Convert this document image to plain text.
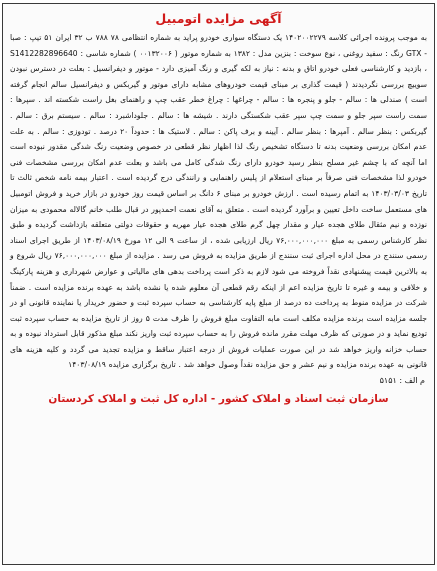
آگهی مزایده اتومبیل

به موجب پرونده اجرائی کلاسه ۱۴۰۲۰۰۲۲۷۹ یک دستگاه سواری خودرو پراید به شماره انتظامی ۷۸ ۷۸۸ ب ۳۲ ایران ۵۱ تیپ : صبا - GTX رنگ : سفید روغنی ، نوع سوخت : بنزین مدل : ۱۳۸۲ به شماره موتور ( ۰۰۱۳۲۰۰۶ ) شماره شاسی : S1412282896640 ، بازدید و کارشناسی فعلی خودرو اتاق و بدنه : نیاز به لکه گیری و رنگ آمیزی دارد - موتور و دیفرانسیل : بعلت در دسترس نبودن سوییچ بررسی نگردیدند ( قیمت گذاری بر مبنای قیمت خودروهای مشابه دارای موتور و گیربکس و دیفرانسیل سالم انجام گرفته است ) صندلی ها : سالم - جلو و پنجره ها : سالم - چراغها : چراغ خطر عقب چپ و راهنمای بغل راست شکسته اند . سپرها : سمت راست سپر جلو و سمت چپ سپر عقب شکستگی دارند . شیشه ها : سالم . جلوداشبرد : سالم . سیستم برق : سالم . گیربکس : بنظر سالم . آمپرها : بنظر سالم . آیینه و برف پاکن : سالم . لاستیک ها : حدوداً ۲۰ درصد . تودوزی : سالم . به علت عدم امکان بررسی وضعیت بدنه تا دستگاه تشخیص رنگ لذا اظهار نظر قطعی در خصوص وضعیت رنگ شدگی مقدور نبوده است اما آنچه که با چشم غیر مسلح بنظر رسید خودرو دارای رنگ شدگی کامل می باشد و بعلت عدم امکان بررسی مشخصات فنی خودرو لذا مشخصات فنی صرفاً بر مبنای استعلام از پلیس راهنمایی و رانندگی درج گردیده است . اعتبار بیمه نامه شخص ثالث تا تاریخ ۱۴۰۳/۰۳/۰۳ به اتمام رسیده است . ارزش خودرو بر مبنای ۶ دانگ بر اساس قیمت روز خودرو در بازار خرید و فروش اتومبیل های مستعمل ساخت داخل تعیین و برآورد گردیده است . متعلق به آقای نعمت احمدپور در قبال طلب خانم گالاله محمودی به میزان نوزده و نیم مثقال طلای هجده عیار و مقدار چهل گرم طلای هجده عیار مهریه و حقوقات دولتی متعلقه بازداشت گردیده و طبق نظر کارشناس رسمی به مبلغ ۷۶,۰۰۰,۰۰۰,۰۰۰ ریال ارزیابی شده ، از ساعت ۹ الی ۱۲ مورخ ۱۴۰۳/۰۸/۱۹ از طریق اجرای اسناد رسمی سنندج در محل اداره اجرای ثبت سنندج از طریق مزایده به فروش می رسد . مزایده از مبلغ ۷۶,۰۰۰,۰۰۰,۰۰۰ ریال شروع و به بالاترین قیمت پیشنهادی نقداً فروخته می شود لازم به ذکر است پرداخت بدهی های مالیاتی و عوارض شهرداری و هزینه پارکینگ و خلافی و بیمه و غیره تا تاریخ مزایده اعم از اینکه رقم قطعی آن معلوم شده یا نشده باشد به عهده برنده مزایده است . ضمناً شرکت در مزایده منوط به پرداخت ده درصد از مبلغ پایه کارشناسی به حساب سپرده ثبت و حضور خریدار یا نماینده قانونی او در جلسه مزایده است برنده مزایده مکلف است مابه التفاوت مبلغ فروش را ظرف مدت ۵ روز از تاریخ مزایده به حساب سپرده ثبت تودیع نماید و در صورتی که ظرف مهلت مقرر مانده فروش را به حساب سپرده ثبت واریز نکند مبلغ مذکور قابل استرداد نبوده و به حساب خزانه واریز خواهد شد در این صورت عملیات فروش از درجه اعتبار ساقط و مزایده تجدید می گردد و کلیه هزینه های قانونی به عهده برنده مزایده و نیم عشر و حق مزایده نقداً وصول خواهد شد . تاریخ برگزاری مزایده ۱۴۰۳/۰۸/۱۹

م الف : ۵۱۵۱
سازمان ثبت اسناد و املاک کشور - اداره کل ثبت و املاک کردستان
